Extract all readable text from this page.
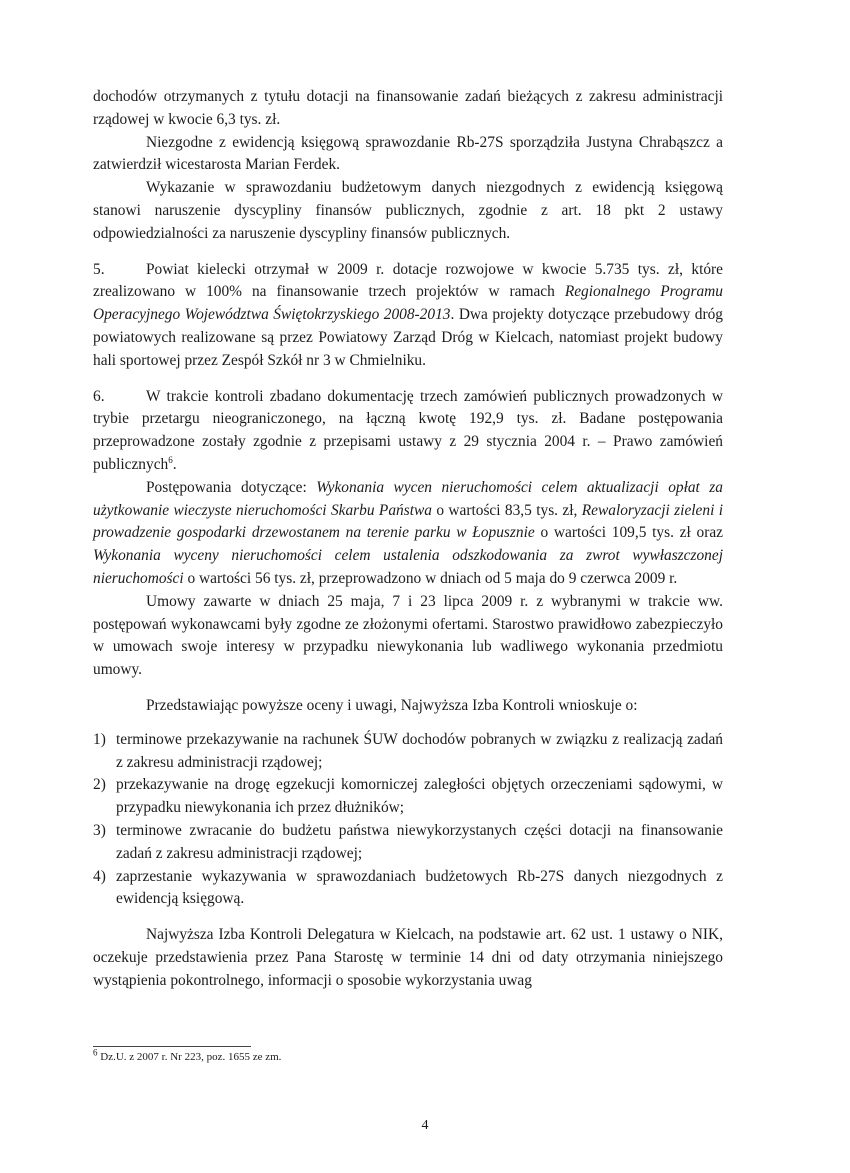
dochodów otrzymanych z tytułu dotacji na finansowanie zadań bieżących z zakresu administracji rządowej w kwocie 6,3 tys. zł.

Niezgodne z ewidencją księgową sprawozdanie Rb-27S sporządziła Justyna Chrabąszcz a zatwierdził wicestarosta Marian Ferdek.

Wykazanie w sprawozdaniu budżetowym danych niezgodnych z ewidencją księgową stanowi naruszenie dyscypliny finansów publicznych, zgodnie z art. 18 pkt 2 ustawy odpowiedzialności za naruszenie dyscypliny finansów publicznych.

5.	Powiat kielecki otrzymał w 2009 r. dotacje rozwojowe w kwocie 5.735 tys. zł, które zrealizowano w 100% na finansowanie trzech projektów w ramach Regionalnego Programu Operacyjnego Województwa Świętokrzyskiego 2008-2013. Dwa projekty dotyczące przebudowy dróg powiatowych realizowane są przez Powiatowy Zarząd Dróg w Kielcach, natomiast projekt budowy hali sportowej przez Zespół Szkół nr 3 w Chmielniku.

6.	W trakcie kontroli zbadano dokumentację trzech zamówień publicznych prowadzonych w trybie przetargu nieograniczonego, na łączną kwotę 192,9 tys. zł. Badane postępowania przeprowadzone zostały zgodnie z przepisami ustawy z 29 stycznia 2004 r. – Prawo zamówień publicznych$^6$.

Postępowania dotyczące: Wykonania wycen nieruchomości celem aktualizacji opłat za użytkowanie wieczyste nieruchomości Skarbu Państwa o wartości 83,5 tys. zł, Rewaloryzacji zieleni i prowadzenie gospodarki drzewostanem na terenie parku w Łopusznie o wartości 109,5 tys. zł oraz Wykonania wyceny nieruchomości celem ustalenia odszkodowania za zwrot wywłaszczonej nieruchomości o wartości 56 tys. zł, przeprowadzono w dniach od 5 maja do 9 czerwca 2009 r.

Umowy zawarte w dniach 25 maja, 7 i 23 lipca 2009 r. z wybranymi w trakcie ww. postępowań wykonawcami były zgodne ze złożonymi ofertami. Starostwo prawidłowo zabezpieczyło w umowach swoje interesy w przypadku niewykonania lub wadliwego wykonania przedmiotu umowy.

Przedstawiając powyższe oceny i uwagi, Najwyższa Izba Kontroli wnioskuje o:

1) terminowe przekazywanie na rachunek ŚUW dochodów pobranych w związku z realizacją zadań z zakresu administracji rządowej;
2) przekazywanie na drogę egzekucji komorniczej zaległości objętych orzeczeniami sądowymi, w przypadku niewykonania ich przez dłużników;
3) terminowe zwracanie do budżetu państwa niewykorzystanych części dotacji na finansowanie zadań z zakresu administracji rządowej;
4) zaprzestanie wykazywania w sprawozdaniach budżetowych Rb-27S danych niezgodnych z ewidencją księgową.

Najwyższa Izba Kontroli Delegatura w Kielcach, na podstawie art. 62 ust. 1 ustawy o NIK, oczekuje przedstawienia przez Pana Starostę w terminie 14 dni od daty otrzymania niniejszego wystąpienia pokontrolnego, informacji o sposobie wykorzystania uwag

$^6$ Dz.U. z 2007 r. Nr 223, poz. 1655 ze zm.
4
